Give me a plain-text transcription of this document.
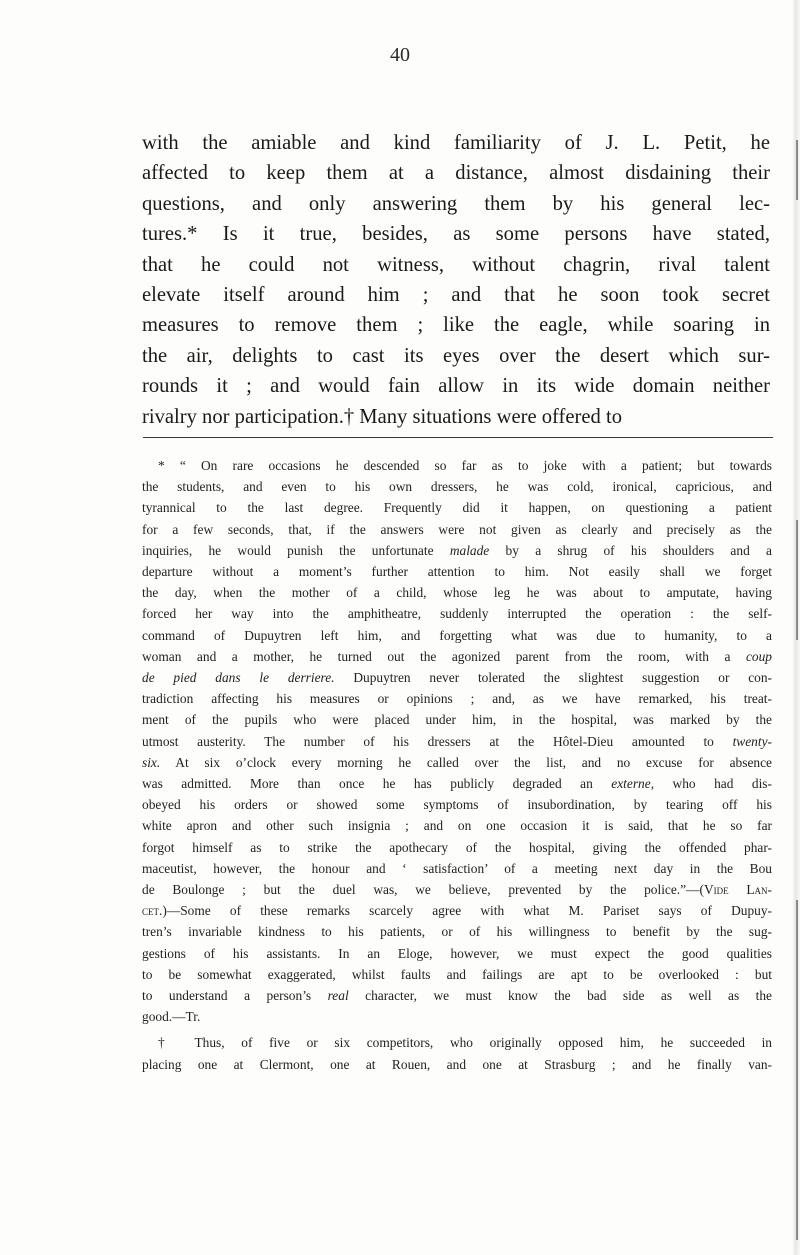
40
with the amiable and kind familiarity of J. L. Petit, he
affected to keep them at a distance, almost disdaining their
questions, and only answering them by his general lec-
tures.* Is it true, besides, as some persons have stated,
that he could not witness, without chagrin, rival talent
elevate itself around him ; and that he soon took secret
measures to remove them ; like the eagle, while soaring in
the air, delights to cast its eyes over the desert which sur-
rounds it ; and would fain allow in its wide domain neither
rivalry nor participation.† Many situations were offered to
* “ On rare occasions he descended so far as to joke with a patient; but towards
the students, and even to his own dressers, he was cold, ironical, capricious, and
tyrannical to the last degree. Frequently did it happen, on questioning a patient
for a few seconds, that, if the answers were not given as clearly and precisely as the
inquiries, he would punish the unfortunate malade by a shrug of his shoulders and a
departure without a moment’s further attention to him. Not easily shall we forget
the day, when the mother of a child, whose leg he was about to amputate, having
forced her way into the amphitheatre, suddenly interrupted the operation : the self-
command of Dupuytren left him, and forgetting what was due to humanity, to a
woman and a mother, he turned out the agonized parent from the room, with a coup
de pied dans le derriere. Dupuytren never tolerated the slightest suggestion or con-
tradiction affecting his measures or opinions ; and, as we have remarked, his treat-
ment of the pupils who were placed under him, in the hospital, was marked by the
utmost austerity. The number of his dressers at the Hôtel-Dieu amounted to twenty-
six. At six o’clock every morning he called over the list, and no excuse for absence
was admitted. More than once he has publicly degraded an externe, who had dis-
obeyed his orders or showed some symptoms of insubordination, by tearing off his
white apron and other such insignia ; and on one occasion it is said, that he so far
forgot himself as to strike the apothecary of the hospital, giving the offended phar-
maceutist, however, the honour and ‘ satisfaction’ of a meeting next day in the Bou
de Boulonge ; but the duel was, we believe, prevented by the police.”—(Vide Lan-
cet.)—Some of these remarks scarcely agree with what M. Pariset says of Dupuy-
tren’s invariable kindness to his patients, or of his willingness to benefit by the sug-
gestions of his assistants. In an Eloge, however, we must expect the good qualities
to be somewhat exaggerated, whilst faults and failings are apt to be overlooked : but
to understand a person’s real character, we must know the bad side as well as the
good.—Tr.
† Thus, of five or six competitors, who originally opposed him, he succeeded in
placing one at Clermont, one at Rouen, and one at Strasburg ; and he finally van-
